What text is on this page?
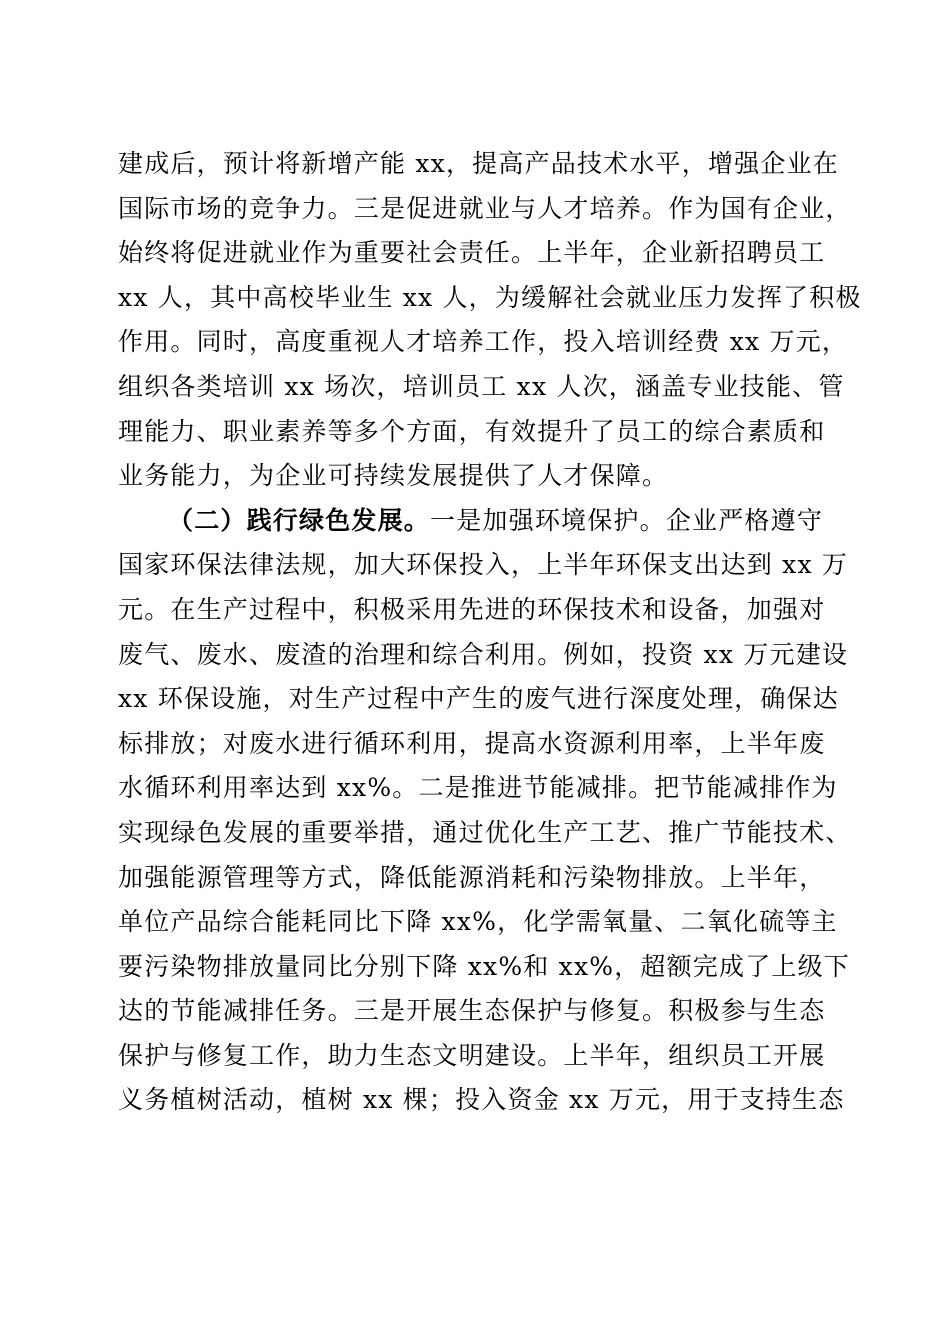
建成后，预计将新增产能 xx，提高产品技术水平，增强企业在
国际市场的竞争力。三是促进就业与人才培养。作为国有企业，
始终将促进就业作为重要社会责任。上半年，企业新招聘员工
xx 人，其中高校毕业生 xx 人，为缓解社会就业压力发挥了积极
作用。同时，高度重视人才培养工作，投入培训经费 xx 万元，
组织各类培训 xx 场次，培训员工 xx 人次，涵盖专业技能、管
理能力、职业素养等多个方面，有效提升了员工的综合素质和
业务能力，为企业可持续发展提供了人才保障。
（二）践行绿色发展。一是加强环境保护。企业严格遵守
国家环保法律法规，加大环保投入，上半年环保支出达到 xx 万
元。在生产过程中，积极采用先进的环保技术和设备，加强对
废气、废水、废渣的治理和综合利用。例如，投资 xx 万元建设
xx 环保设施，对生产过程中产生的废气进行深度处理，确保达
标排放；对废水进行循环利用，提高水资源利用率，上半年废
水循环利用率达到 xx%。二是推进节能减排。把节能减排作为
实现绿色发展的重要举措，通过优化生产工艺、推广节能技术、
加强能源管理等方式，降低能源消耗和污染物排放。上半年，
单位产品综合能耗同比下降 xx%，化学需氧量、二氧化硫等主
要污染物排放量同比分别下降 xx%和 xx%，超额完成了上级下
达的节能减排任务。三是开展生态保护与修复。积极参与生态
保护与修复工作，助力生态文明建设。上半年，组织员工开展
义务植树活动，植树 xx 棵；投入资金 xx 万元，用于支持生态
